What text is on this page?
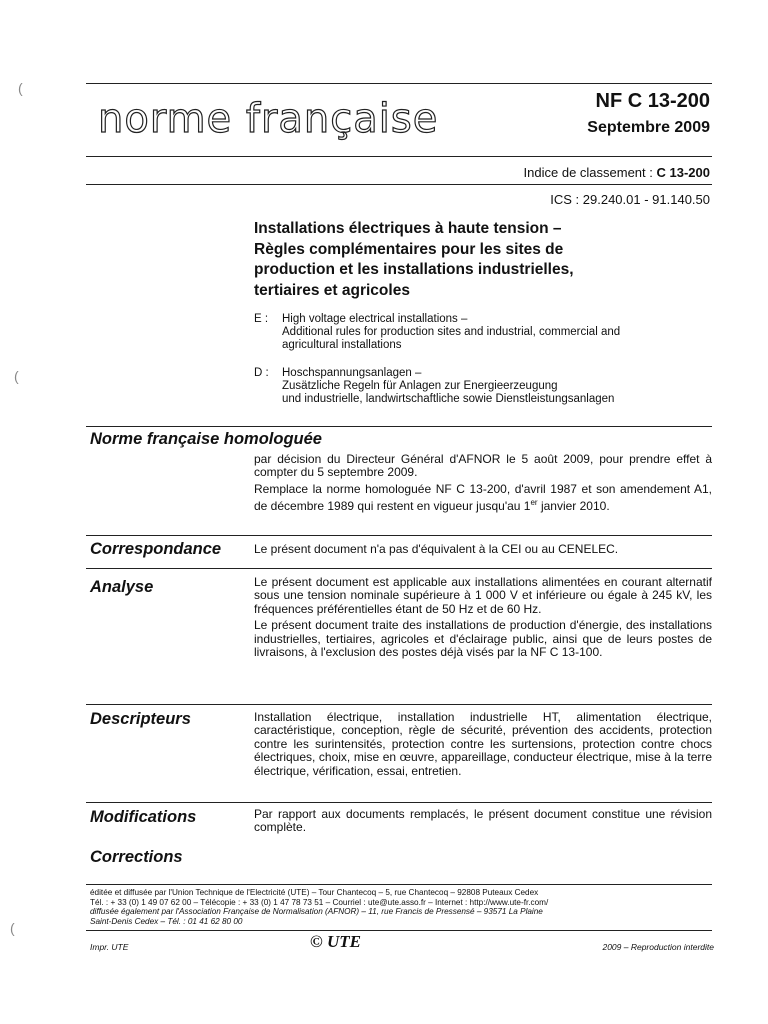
(
(
(
norme française	NF C 13-200
Septembre 2009
Indice de classement : C 13-200
ICS : 29.240.01 - 91.140.50
Installations électriques à haute tension –
Règles complémentaires pour les sites de
production et les installations industrielles,
tertiaires et agricoles
E : High voltage electrical installations –
Additional rules for production sites and industrial, commercial and
agricultural installations
D : Hoschspannungsanlagen –
Zusätzliche Regeln für Anlagen zur Energieerzeugung
und industrielle, landwirtschaftliche sowie Dienstleistungsanlagen
Norme française homologuée

par décision du Directeur Général d'AFNOR le 5 août 2009, pour prendre effet à compter du 5 septembre 2009.

Remplace la norme homologuée NF C 13-200, d'avril 1987 et son amendement A1, de décembre 1989 qui restent en vigueur jusqu'au 1er janvier 2010.

Correspondance	Le présent document n'a pas d'équivalent à la CEI ou au CENELEC.
Analyse	Le présent document est applicable aux installations alimentées en courant alternatif sous une tension nominale supérieure à 1 000 V et inférieure ou égale à 245 kV, les fréquences préférentielles étant de 50 Hz et de 60 Hz.

Le présent document traite des installations de production d'énergie, des installations industrielles, tertiaires, agricoles et d'éclairage public, ainsi que de leurs postes de livraisons, à l'exclusion des postes déjà visés par la NF C 13-100.

Descripteurs	Installation électrique, installation industrielle HT, alimentation électrique, caractéristique, conception, règle de sécurité, prévention des accidents, protection contre les surintensités, protection contre les surtensions, protection contre chocs électriques, choix, mise en œuvre, appareillage, conducteur électrique, mise à la terre électrique, vérification, essai, entretien.
Modifications	Par rapport aux documents remplacés, le présent document constitue une révision complète.
Corrections
éditée et diffusée par l'Union Technique de l'Electricité (UTE) – Tour Chantecoq – 5, rue Chantecoq – 92808 Puteaux Cedex
Tél. : + 33 (0) 1 49 07 62 00 – Télécopie : + 33 (0) 1 47 78 73 51 – Courriel : ute@ute.asso.fr – Internet : http://www.ute-fr.com/
diffusée également par l'Association Française de Normalisation (AFNOR) – 11, rue Francis de Pressensé – 93571 La Plaine
Saint-Denis Cedex – Tél. : 01 41 62 80 00
Impr. UTE	© UTE	2009 – Reproduction interdite
